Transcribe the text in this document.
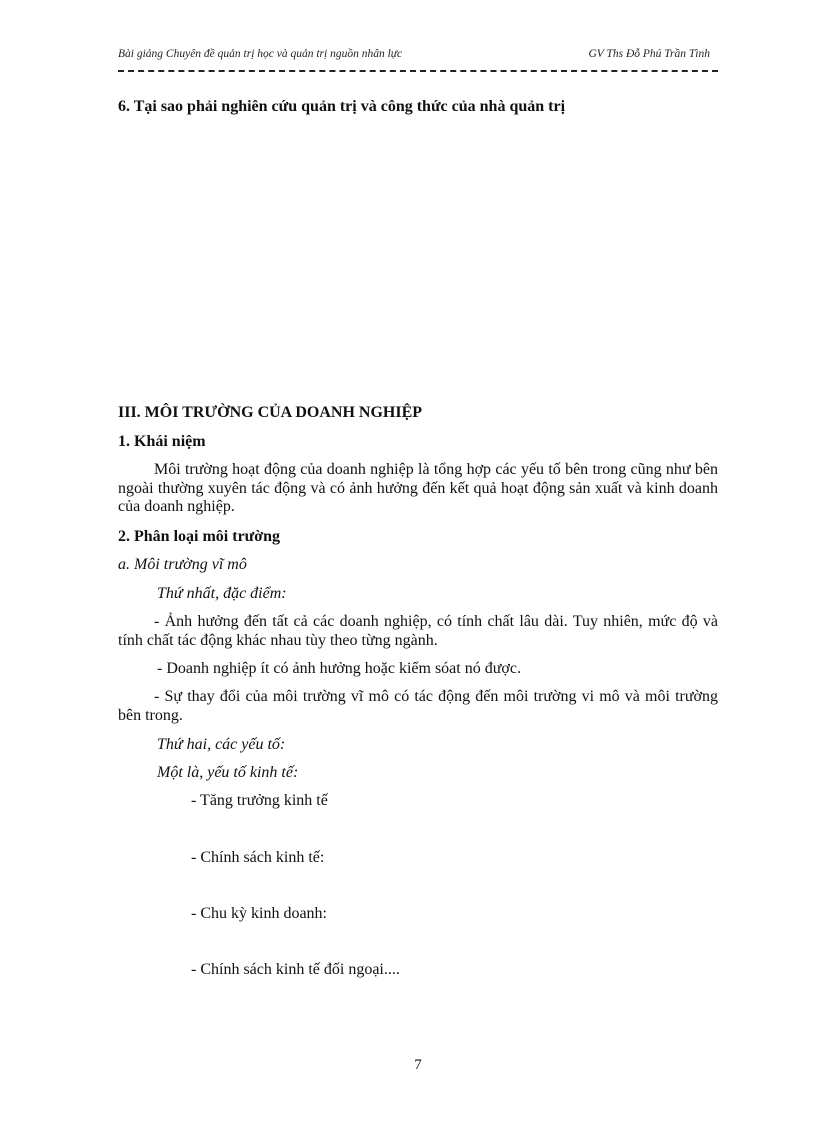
Bài giảng Chuyên đề quản trị học và quản trị nguồn nhân lực	GV Ths Đỗ Phú Trần Tình

6. Tại sao phải nghiên cứu quản trị và công thức của nhà quản trị

III. MÔI TRƯỜNG CỦA DOANH NGHIỆP

1. Khái niệm

Môi trường hoạt động của doanh nghiệp là tổng hợp các yếu tố bên trong cũng như bên ngoài thường xuyên tác động và có ảnh hưởng đến kết quả hoạt động sản xuất và kinh doanh của doanh nghiệp.

2. Phân loại môi trường

a. Môi trường vĩ mô

Thứ nhất, đặc điểm:

- Ảnh hưởng đến tất cả các doanh nghiệp, có tính chất lâu dài. Tuy nhiên, mức độ và tính chất tác động khác nhau tùy theo từng ngành.

- Doanh nghiệp ít có ảnh hưởng hoặc kiểm sóat nó được.

- Sự thay đổi của môi trường vĩ mô có tác động đến môi trường vi mô và môi trường bên trong.

Thứ hai, các yếu tố:

Một là, yếu tố kinh tế:

- Tăng trưởng kinh tế

- Chính sách kinh tế:

- Chu kỳ kinh doanh:

- Chính sách kinh tế đối ngoại....

7
